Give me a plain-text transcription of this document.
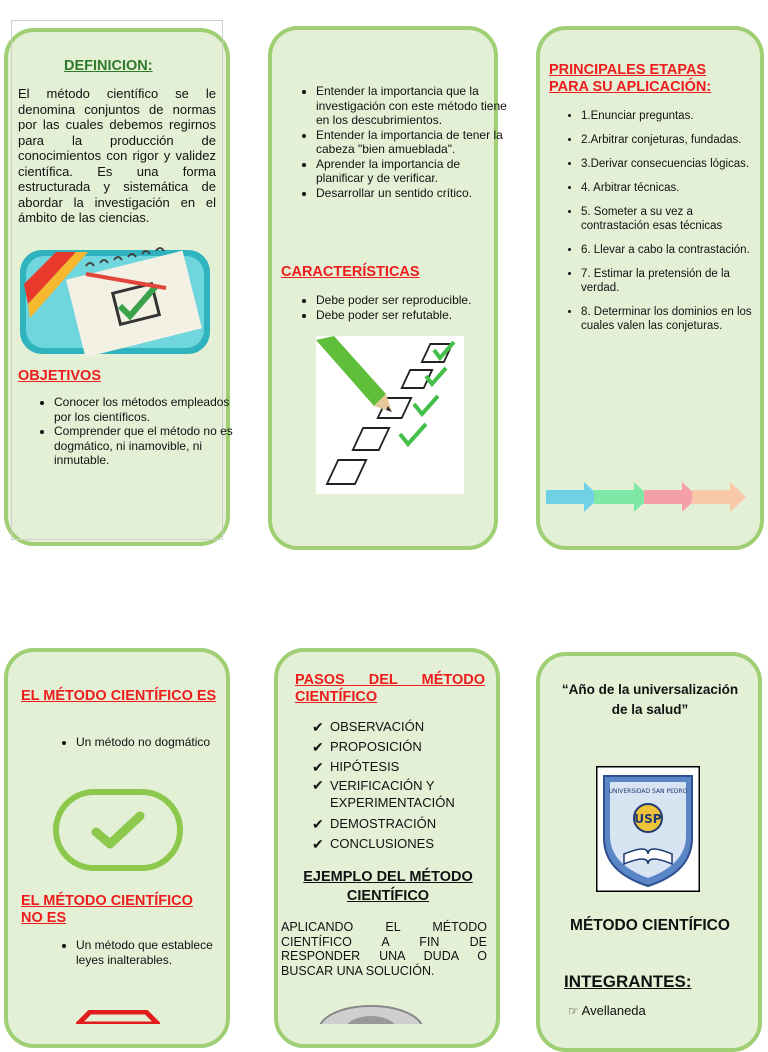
DEFINICION:
El método científico se le denomina conjuntos de normas por las cuales debemos regirnos para la producción de conocimientos con rigor y validez científica. Es una forma estructurada y sistemática de abordar la investigación en el ámbito de las ciencias.
OBJETIVOS
• Conocer los métodos empleados por los científicos.
• Comprender que el método no es dogmático, ni inamovible, ni inmutable.
• Entender la importancia que la investigación con este método tiene en los descubrimientos.
• Entender la importancia de tener la cabeza "bien amueblada".
• Aprender la importancia de planificar y de verificar.
• Desarrollar un sentido crítico.
CARACTERÍSTICAS
• Debe poder ser reproducible.
• Debe poder ser refutable.
PRINCIPALES ETAPAS PARA SU APLICACIÓN:
• 1.Enunciar preguntas.
• 2.Arbitrar conjeturas, fundadas.
• 3.Derivar consecuencias lógicas.
• 4. Arbitrar técnicas.
• 5. Someter a su vez a contrastación esas técnicas
• 6. Llevar a cabo la contrastación.
• 7. Estimar la pretensión de la verdad.
• 8. Determinar los dominios en los cuales valen las conjeturas.
EL MÉTODO CIENTÍFICO ES
• Un método no dogmático
EL MÉTODO CIENTÍFICO NO ES
• Un método que establece leyes inalterables.
PASOS DEL MÉTODO CIENTÍFICO
✔ OBSERVACIÓN
✔ PROPOSICIÓN
✔ HIPÓTESIS
✔ VERIFICACIÓN Y EXPERIMENTACIÓN
✔ DEMOSTRACIÓN
✔ CONCLUSIONES
EJEMPLO DEL MÉTODO CIENTÍFICO
APLICANDO EL MÉTODO CIENTÍFICO A FIN DE RESPONDER UNA DUDA O BUSCAR UNA SOLUCIÓN.
“Año de la universalización de la salud”
UNIVERSIDAD SAN PEDRO
USP
MÉTODO CIENTÍFICO
INTEGRANTES:
☞ Avellaneda
